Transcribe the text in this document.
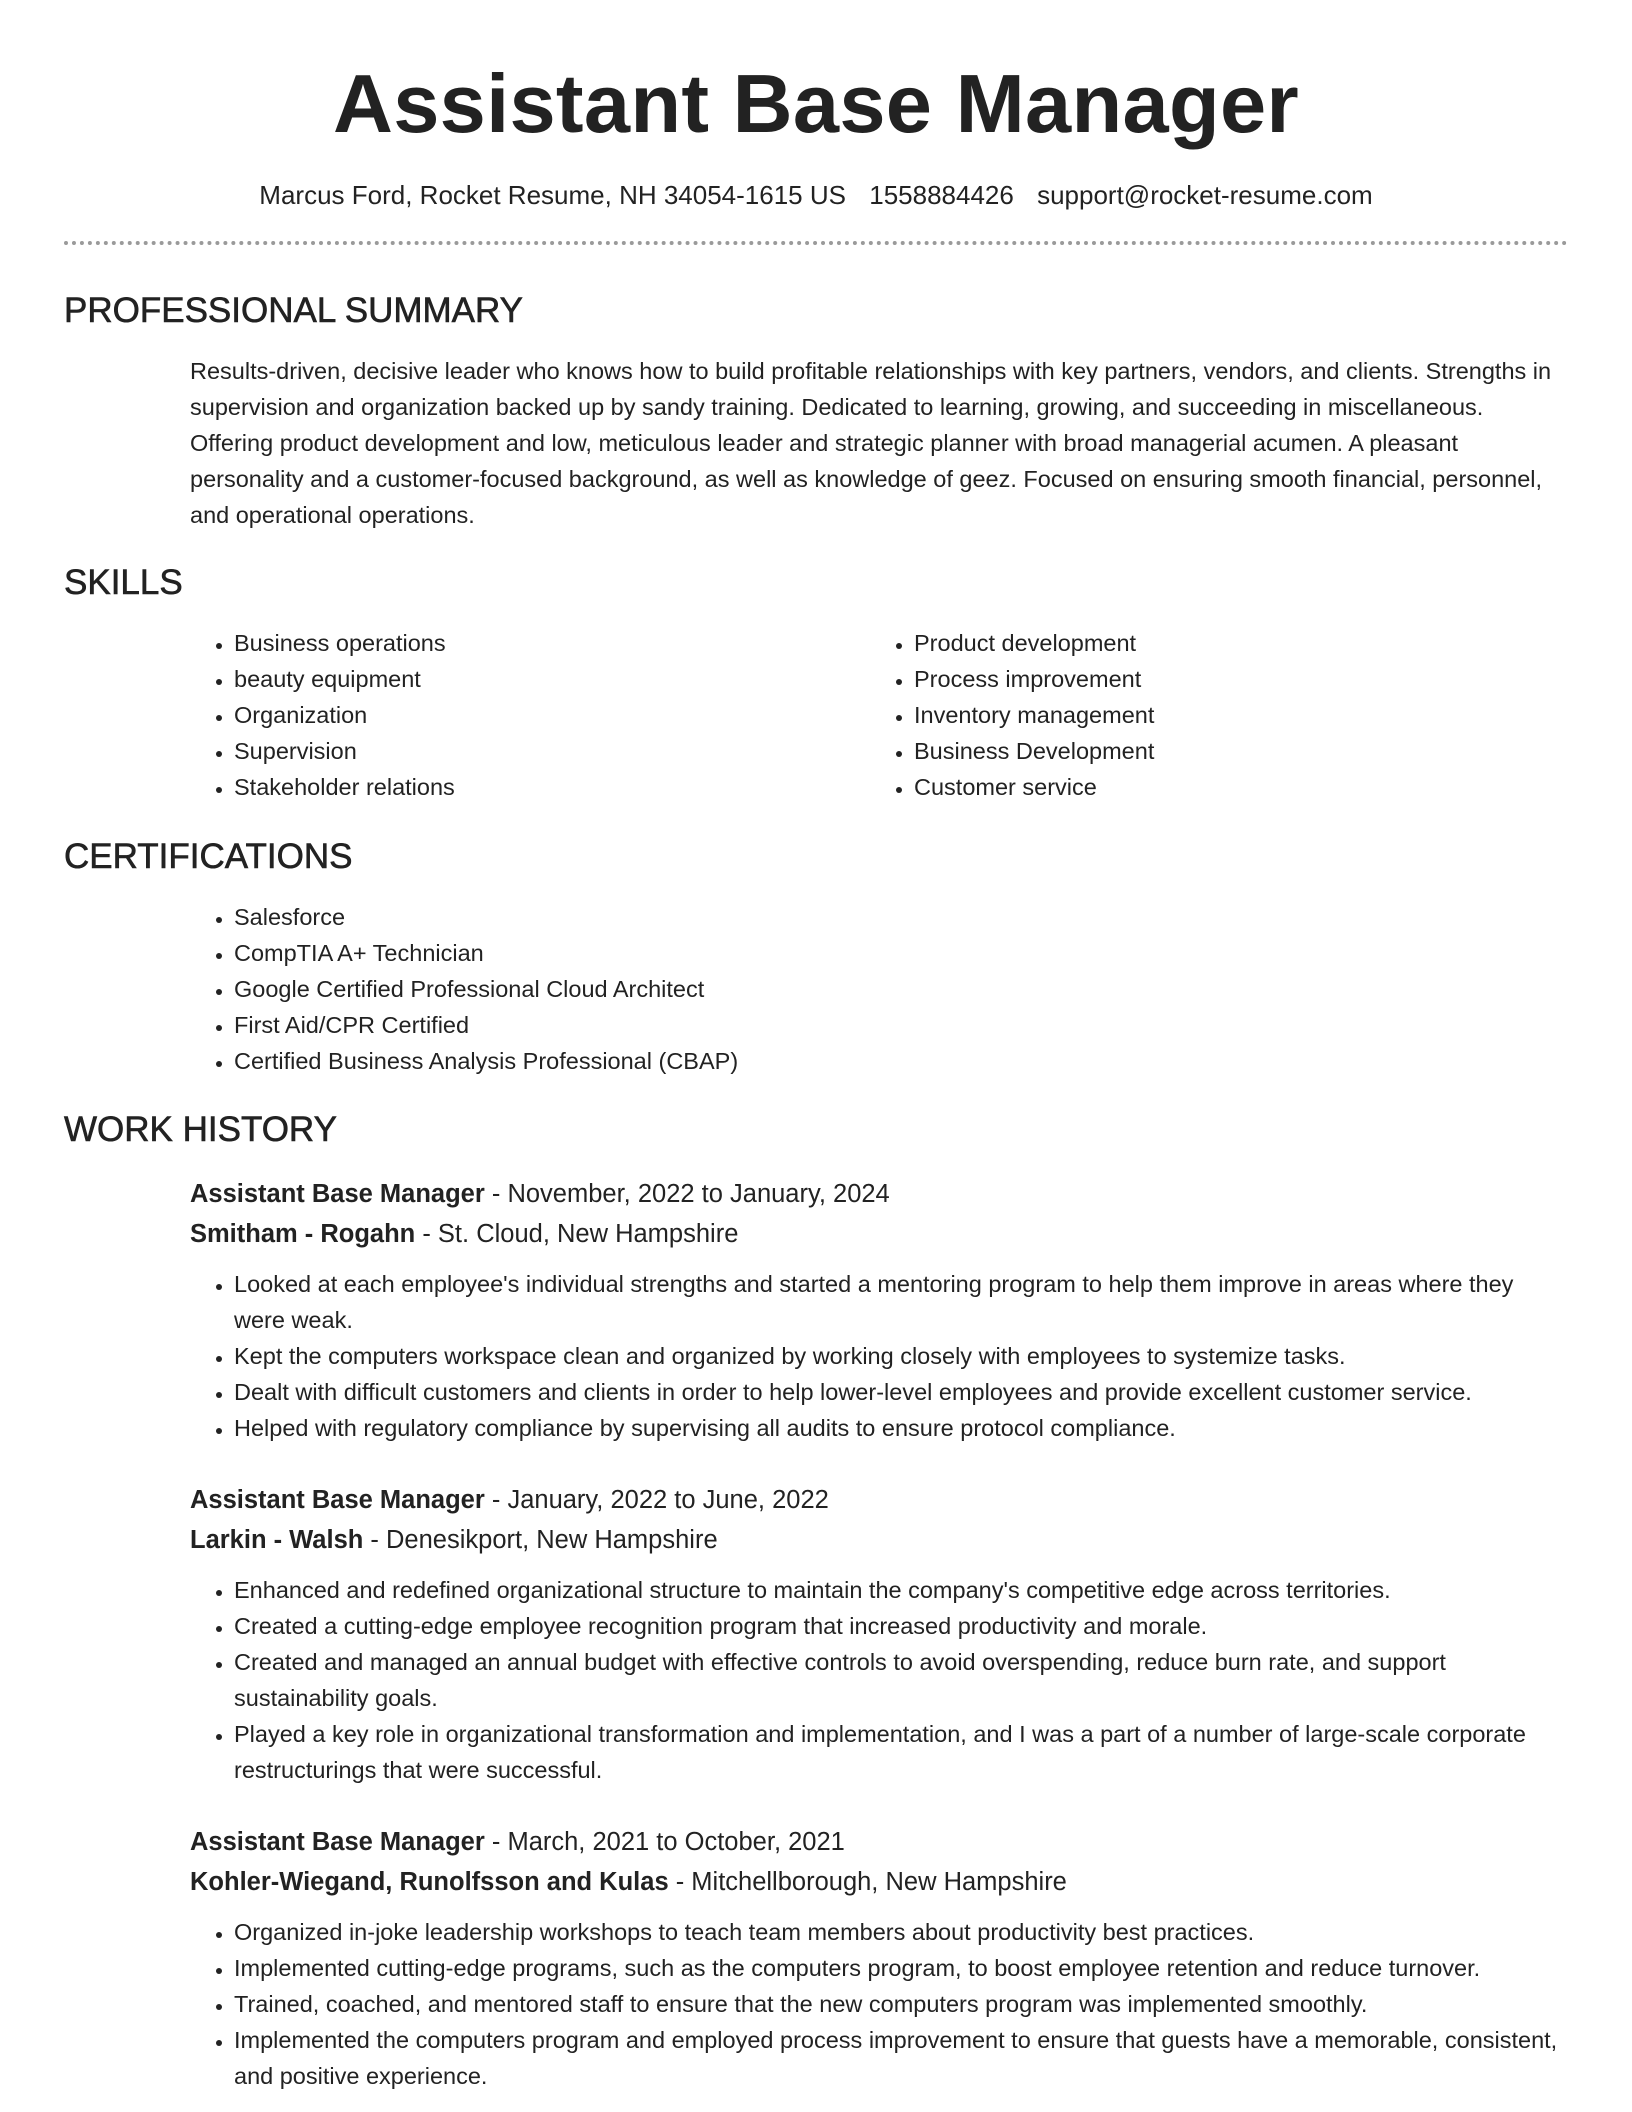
Assistant Base Manager
Marcus Ford, Rocket Resume, NH 34054-1615 US 1558884426 support@rocket-resume.com
PROFESSIONAL SUMMARY

Results-driven, decisive leader who knows how to build profitable relationships with key partners, vendors, and clients. Strengths in supervision and organization backed up by sandy training. Dedicated to learning, growing, and succeeding in miscellaneous. Offering product development and low, meticulous leader and strategic planner with broad managerial acumen. A pleasant personality and a customer-focused background, as well as knowledge of geez. Focused on ensuring smooth financial, personnel, and operational operations.

SKILLS
• Business operations
• beauty equipment
• Organization
• Supervision
• Stakeholder relations
• Product development
• Process improvement
• Inventory management
• Business Development
• Customer service
CERTIFICATIONS
• Salesforce
• CompTIA A+ Technician
• Google Certified Professional Cloud Architect
• First Aid/CPR Certified
• Certified Business Analysis Professional (CBAP)
WORK HISTORY
Assistant Base Manager - November, 2022 to January, 2024
Smitham - Rogahn - St. Cloud, New Hampshire
• Looked at each employee's individual strengths and started a mentoring program to help them improve in areas where they were weak.
• Kept the computers workspace clean and organized by working closely with employees to systemize tasks.
• Dealt with difficult customers and clients in order to help lower-level employees and provide excellent customer service.
• Helped with regulatory compliance by supervising all audits to ensure protocol compliance.
Assistant Base Manager - January, 2022 to June, 2022
Larkin - Walsh - Denesikport, New Hampshire
• Enhanced and redefined organizational structure to maintain the company's competitive edge across territories.
• Created a cutting-edge employee recognition program that increased productivity and morale.
• Created and managed an annual budget with effective controls to avoid overspending, reduce burn rate, and support sustainability goals.
• Played a key role in organizational transformation and implementation, and I was a part of a number of large-scale corporate restructurings that were successful.
Assistant Base Manager - March, 2021 to October, 2021
Kohler-Wiegand, Runolfsson and Kulas - Mitchellborough, New Hampshire
• Organized in-joke leadership workshops to teach team members about productivity best practices.
• Implemented cutting-edge programs, such as the computers program, to boost employee retention and reduce turnover.
• Trained, coached, and mentored staff to ensure that the new computers program was implemented smoothly.
• Implemented the computers program and employed process improvement to ensure that guests have a memorable, consistent, and positive experience.
